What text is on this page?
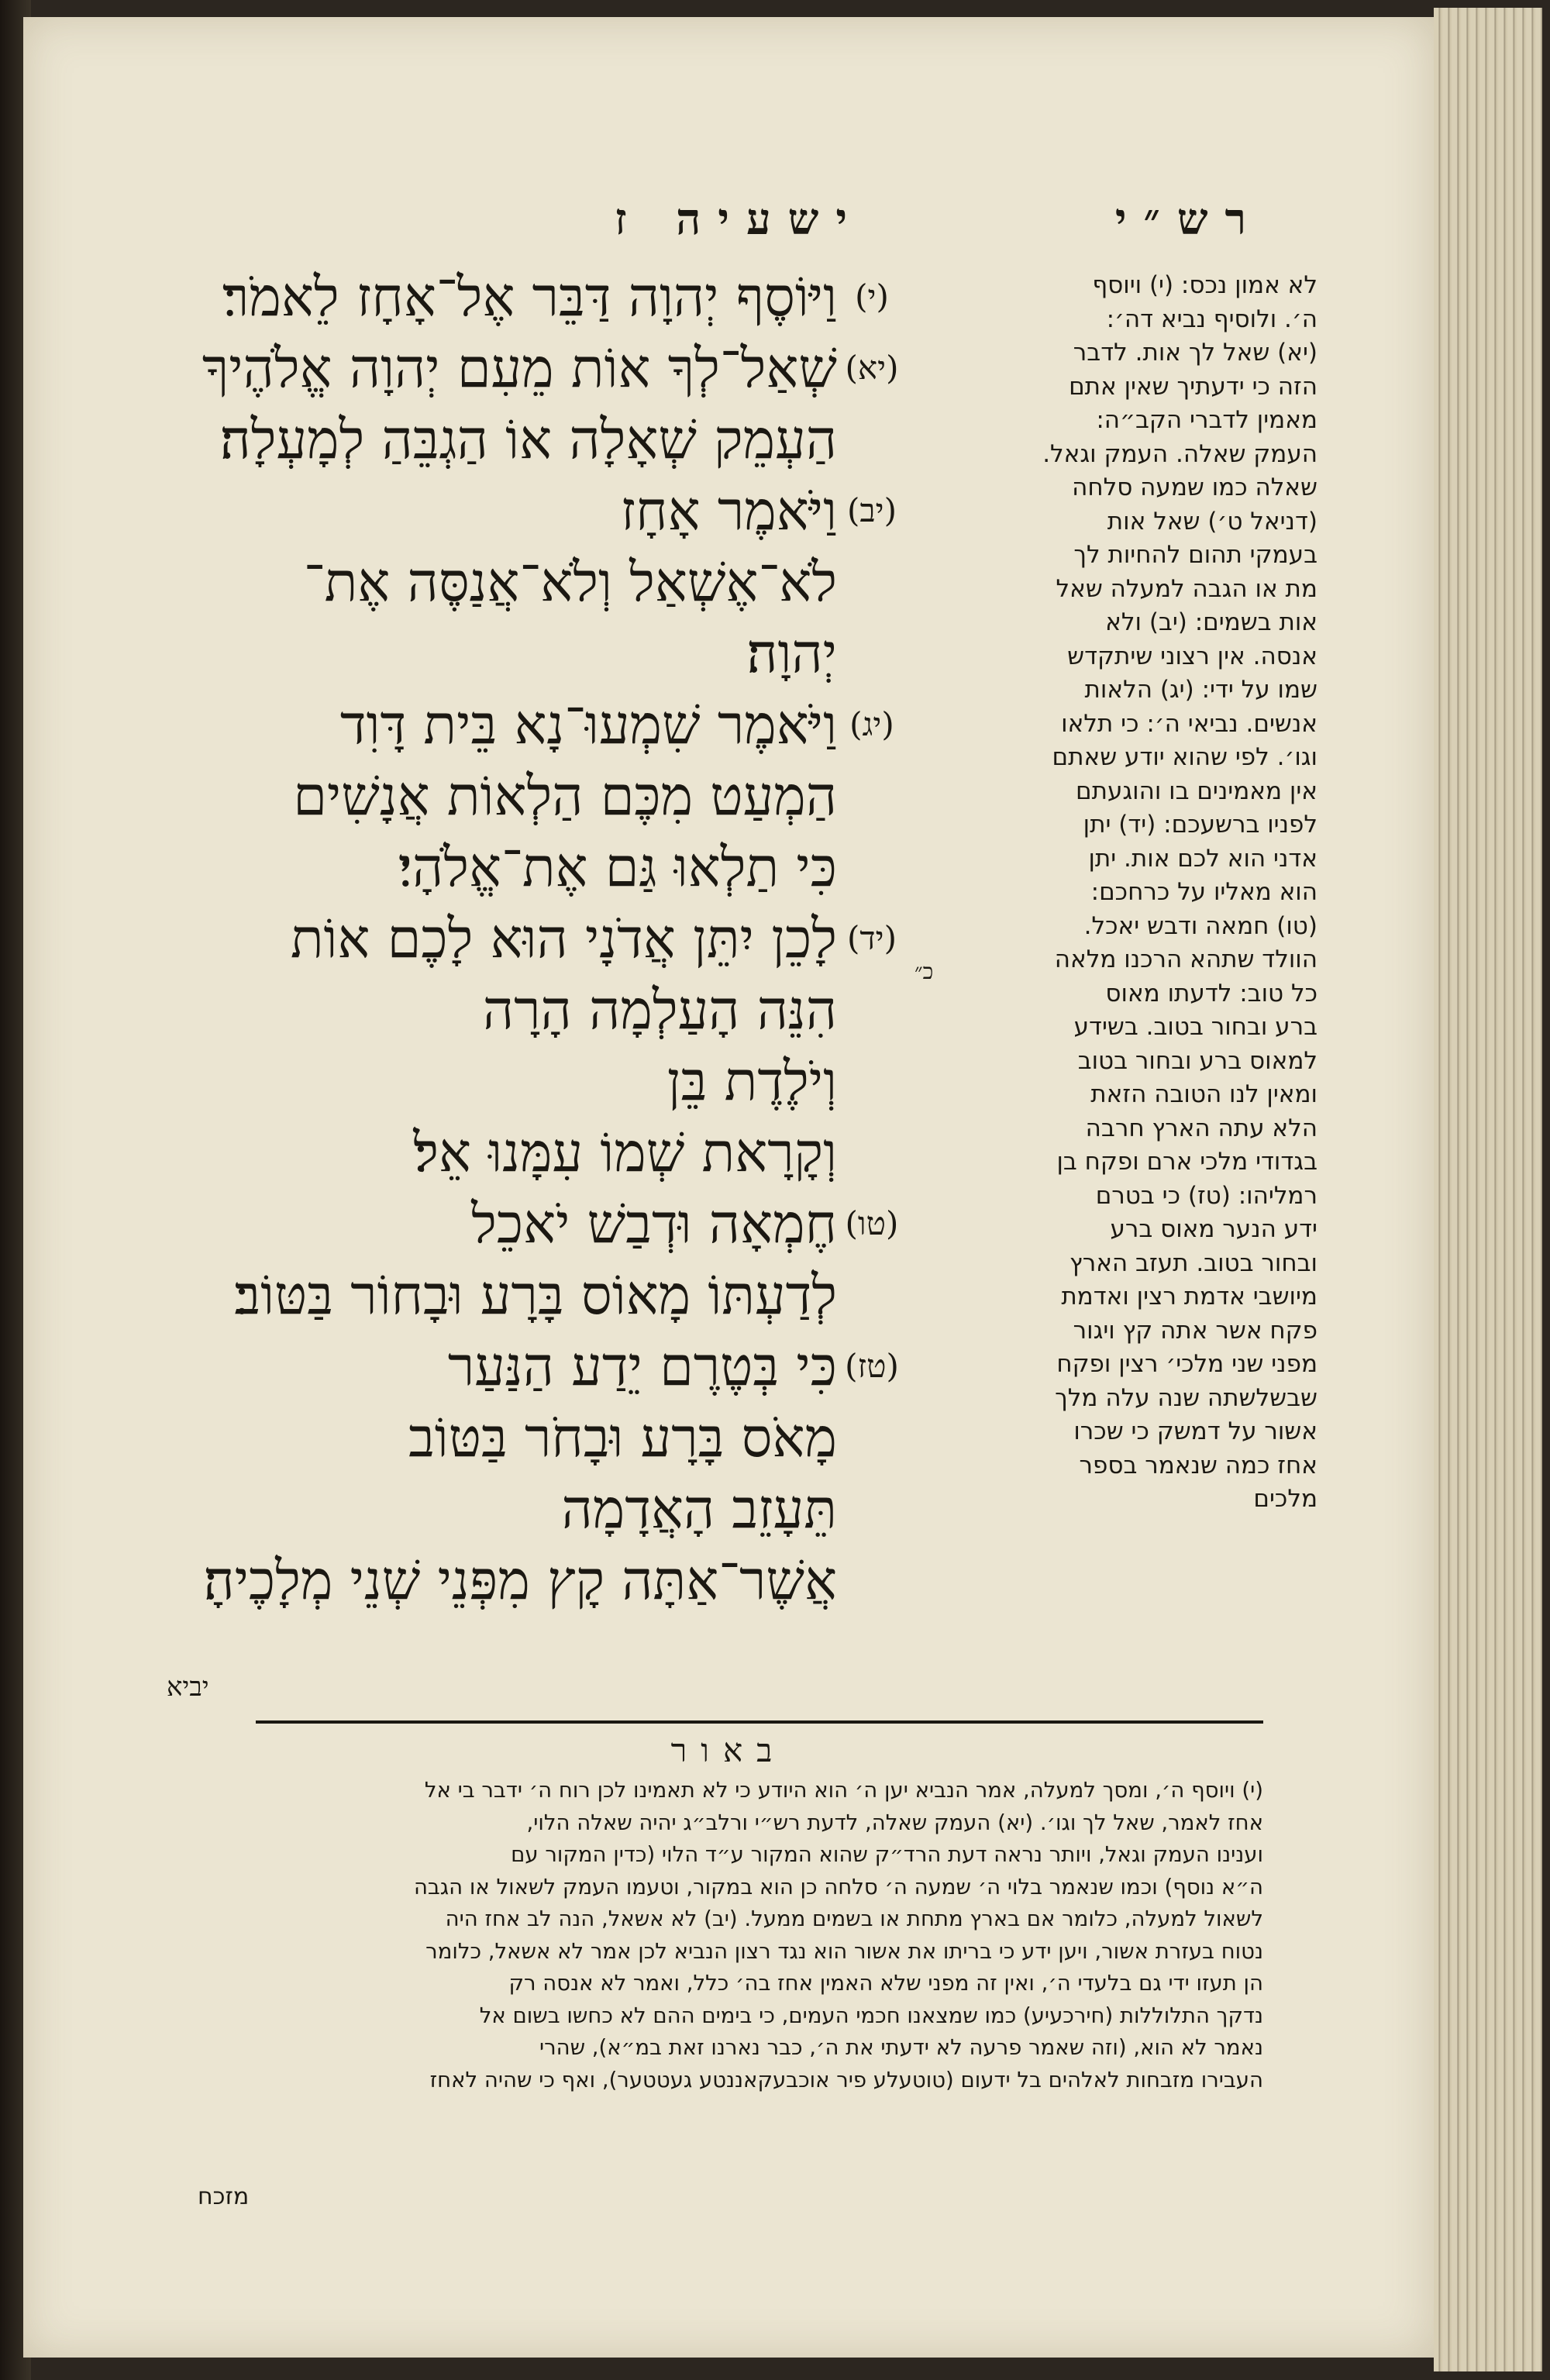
רש״י
ישעיה ז
(י)
וַיּוֹסֶף יְהוָה דַּבֵּר אֶל־אָחָז לֵאמֹר׃
(יא)
שְׁאַל־לְךָ אוֹת מֵעִם יְהוָה אֱלֹהֶיךָ
הַעְמֵק שְׁאָלָה אוֹ הַגְבֵּהַ לְמָעְלָה׃
(יב)
וַיֹּאמֶר אָחָז
לֹא־אֶשְׁאַל וְלֹא־אֲנַסֶּה אֶת־
יְהוָה׃
(יג)
וַיֹּאמֶר שִׁמְעוּ־נָא בֵּית דָּוִד
הַמְעַט מִכֶּם הַלְאוֹת אֲנָשִׁים
כִּי תַלְאוּ גַּם אֶת־אֱלֹהָי׃
(יד)
לָכֵן יִתֵּן אֲדֹנָי הוּא לָכֶם אוֹת
הִנֵּה הָעַלְמָה הָרָה
וְיֹלֶדֶת בֵּן
וְקָרָאת שְׁמוֹ עִמָּנוּ אֵל׃
(טו)
חֶמְאָה וּדְבַשׁ יֹאכֵל
לְדַעְתּוֹ מָאוֹס בָּרָע וּבָחוֹר בַּטּוֹב׃
(טז)
כִּי בְּטֶרֶם יֵדַע הַנַּעַר
מָאֹס בָּרָע וּבָחֹר בַּטּוֹב
תֵּעָזֵב הָאֲדָמָה
אֲשֶׁר־אַתָּה קָץ מִפְּנֵי שְׁנֵי מְלָכֶיהָ׃
לא אמון נכס: (י) ויוסף
ה׳. ולוסיף נביא דה׳:
(יא) שאל לך אות. לדבר
הזה כי ידעתיך שאין אתם
מאמין לדברי הקב״ה:
העמק שאלה. העמק וגאל.
שאלה כמו שמעה סלחה
(דניאל ט׳) שאל אות
בעמקי תהום להחיות לך
מת או הגבה למעלה שאל
אות בשמים: (יב) ולא
אנסה. אין רצוני שיתקדש
שמו על ידי: (יג) הלאות
אנשים. נביאי ה׳: כי תלאו
וגו׳. לפי שהוא יודע שאתם
אין מאמינים בו והוגעתם
לפניו ברשעכם: (יד) יתן
אדני הוא לכם אות. יתן
הוא מאליו על כרחכם:
(טו) חמאה ודבש יאכל.
הוולד שתהא הרכנו מלאה
כל טוב: לדעתו מאוס
ברע ובחור בטוב. בשידע
למאוס ברע ובחור בטוב
ומאין לנו הטובה הזאת
הלא עתה הארץ חרבה
בגדודי מלכי ארם ופקח בן
רמליהו: (טז) כי בטרם
ידע הנער מאוס ברע
ובחור בטוב. תעזב הארץ
מיושבי אדמת רצין ואדמת
פקח אשר אתה קץ ויגור
מפני שני מלכי׳ רצין ופקח
שבשלשתה שנה עלה מלך
אשור על דמשק כי שכרו
אחז כמה שנאמר בספר
מלכים
כ״
יביא
באור
(י) ויוסף ה׳, ומסך למעלה, אמר הנביא יען ה׳ הוא היודע כי לא תאמינו לכן רוח ה׳ ידבר בי אל
אחז לאמר, שאל לך וגו׳. (יא) העמק שאלה, לדעת רש״י ורלב״ג יהיה שאלה הלוי,
וענינו העמק וגאל, ויותר נראה דעת הרד״ק שהוא המקור ע״ד הלוי (כדין המקור עם
ה״א נוסף) וכמו שנאמר בלוי ה׳ שמעה ה׳ סלחה כן הוא במקור, וטעמו העמק לשאול או הגבה
לשאול למעלה, כלומר אם בארץ מתחת או בשמים ממעל. (יב) לא אשאל, הנה לב אחז היה
נטוח בעזרת אשור, ויען ידע כי בריתו את אשור הוא נגד רצון הנביא לכן אמר לא אשאל, כלומר
הן תעזו ידי גם בלעדי ה׳, ואין זה מפני שלא האמין אחז בה׳ כלל, ואמר לא אנסה רק
נדקך התלוללות (חירכעיע) כמו שמצאנו חכמי העמים, כי בימים ההם לא כחשו בשום אל
נאמר לא הוא, (וזה שאמר פרעה לא ידעתי את ה׳, כבר נארנו זאת במ״א), שהרי
העבירו מזבחות לאלהים בל ידעום (טוטעלע פיר אוכבעקאננטע געטטער), ואף כי שהיה לאחז
מזכח
